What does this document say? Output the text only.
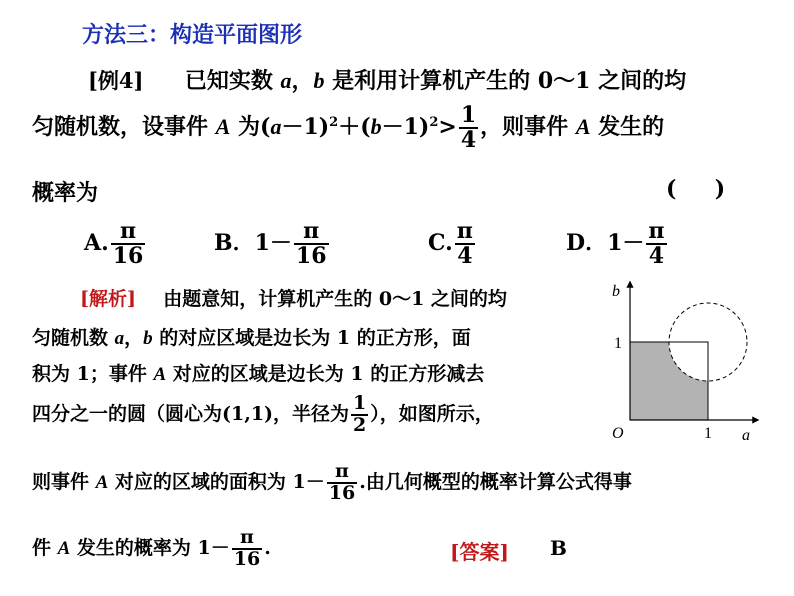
方法三：构造平面图形
[例4] 已知实数 a，b 是利用计算机产生的 0～1 之间的均
匀随机数，设事件 A 为$(a-1)^2+(b-1)^2> \frac{1}{4}$ ，则事件 A 发生的
概率为	(     )
A. $\frac{\pi}{16}$	B．$1- \frac{\pi}{16}$	C. $\frac{\pi}{4}$	D．$1- \frac{\pi}{4}$
[解析] 由题意知，计算机产生的 0～1 之间的均
匀随机数 a，b 的对应区域是边长为 1 的正方形，面
积为 1；事件 A 对应的区域是边长为 1 的正方形减去
四分之一的圆（圆心为(1,1)，半径为 $\frac{1}{2}$ ），如图所示，
则事件 A 对应的区域的面积为 $1- \frac{\pi}{16}$ .由几何概型的概率计算公式得事
件 A 发生的概率为 $1- \frac{\pi}{16}$ .	[答案] B
b
a
O	1
1
